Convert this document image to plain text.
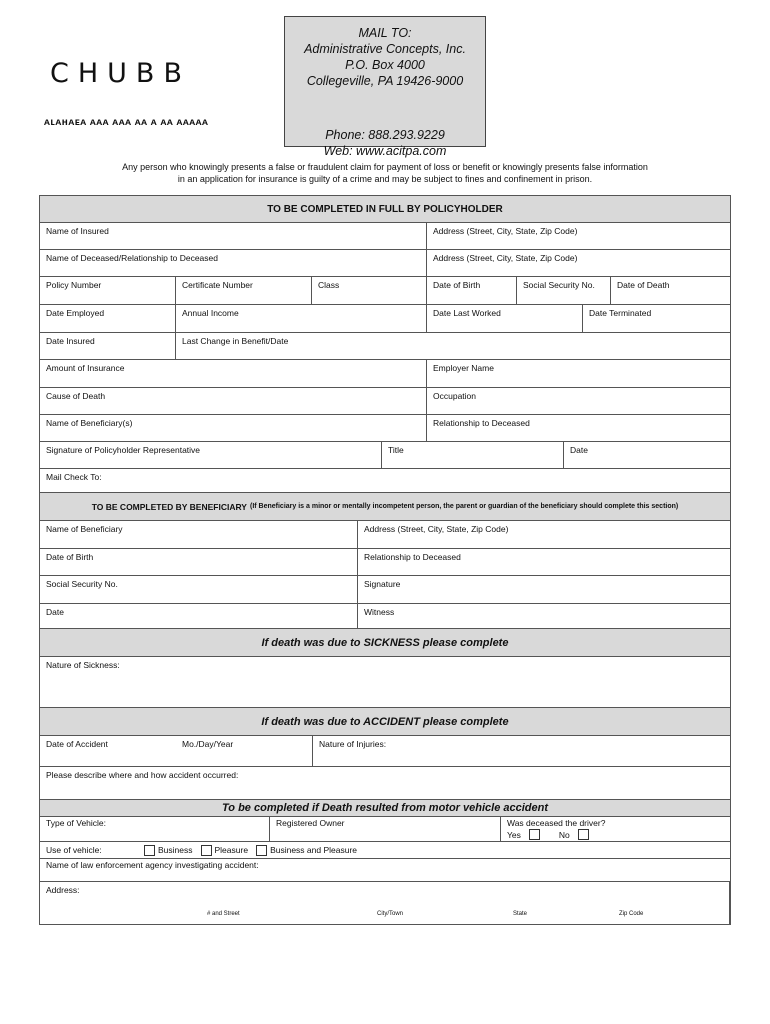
CHUBB
ᴀʟᴀʜᴀᴇᴀ ᴀᴀᴀ ᴀᴀᴀ ᴀᴀ ᴀ ᴀᴀ ᴀᴀᴀᴀᴀ
MAIL TO:
Administrative Concepts, Inc.
P.O. Box 4000
Collegeville, PA 19426-9000
Phone: 888.293.9229
Web: www.acitpa.com
Any person who knowingly presents a false or fraudulent claim for payment of loss or benefit or knowingly presents false information
in an application for insurance is guilty of a crime and may be subject to fines and confinement in prison.
TO BE COMPLETED IN FULL BY POLICYHOLDER
Name of Insured	Address (Street, City, State, Zip Code)
Name of Deceased/Relationship to Deceased	Address (Street, City, State, Zip Code)
Policy Number	Certificate Number	Class	Date of Birth	Social Security No.	Date of Death
Date Employed	Annual Income	Date Last Worked	Date Terminated
Date Insured	Last Change in Benefit/Date
Amount of Insurance	Employer Name
Cause of Death	Occupation
Name of Beneficiary(s)	Relationship to Deceased
Signature of Policyholder Representative	Title	Date
Mail Check To:
TO BE COMPLETED BY BENEFICIARY (If Beneficiary is a minor or mentally incompetent person, the parent or guardian of the beneficiary should complete this section)
Name of Beneficiary	Address (Street, City, State, Zip Code)
Date of Birth	Relationship to Deceased
Social Security No.	Signature
Date	Witness
If death was due to SICKNESS please complete
Nature of Sickness:
If death was due to ACCIDENT please complete
Date of Accident	Mo./Day/Year	Nature of Injuries:
Please describe where and how accident occurred:
To be completed if Death resulted from motor vehicle accident
Type of Vehicle:	Registered Owner	Was deceased the driver?
Yes	No
Use of vehicle:	Business	Pleasure	Business and Pleasure
Name of law enforcement agency investigating accident:
Address:
# and Street	City/Town	State	Zip Code
